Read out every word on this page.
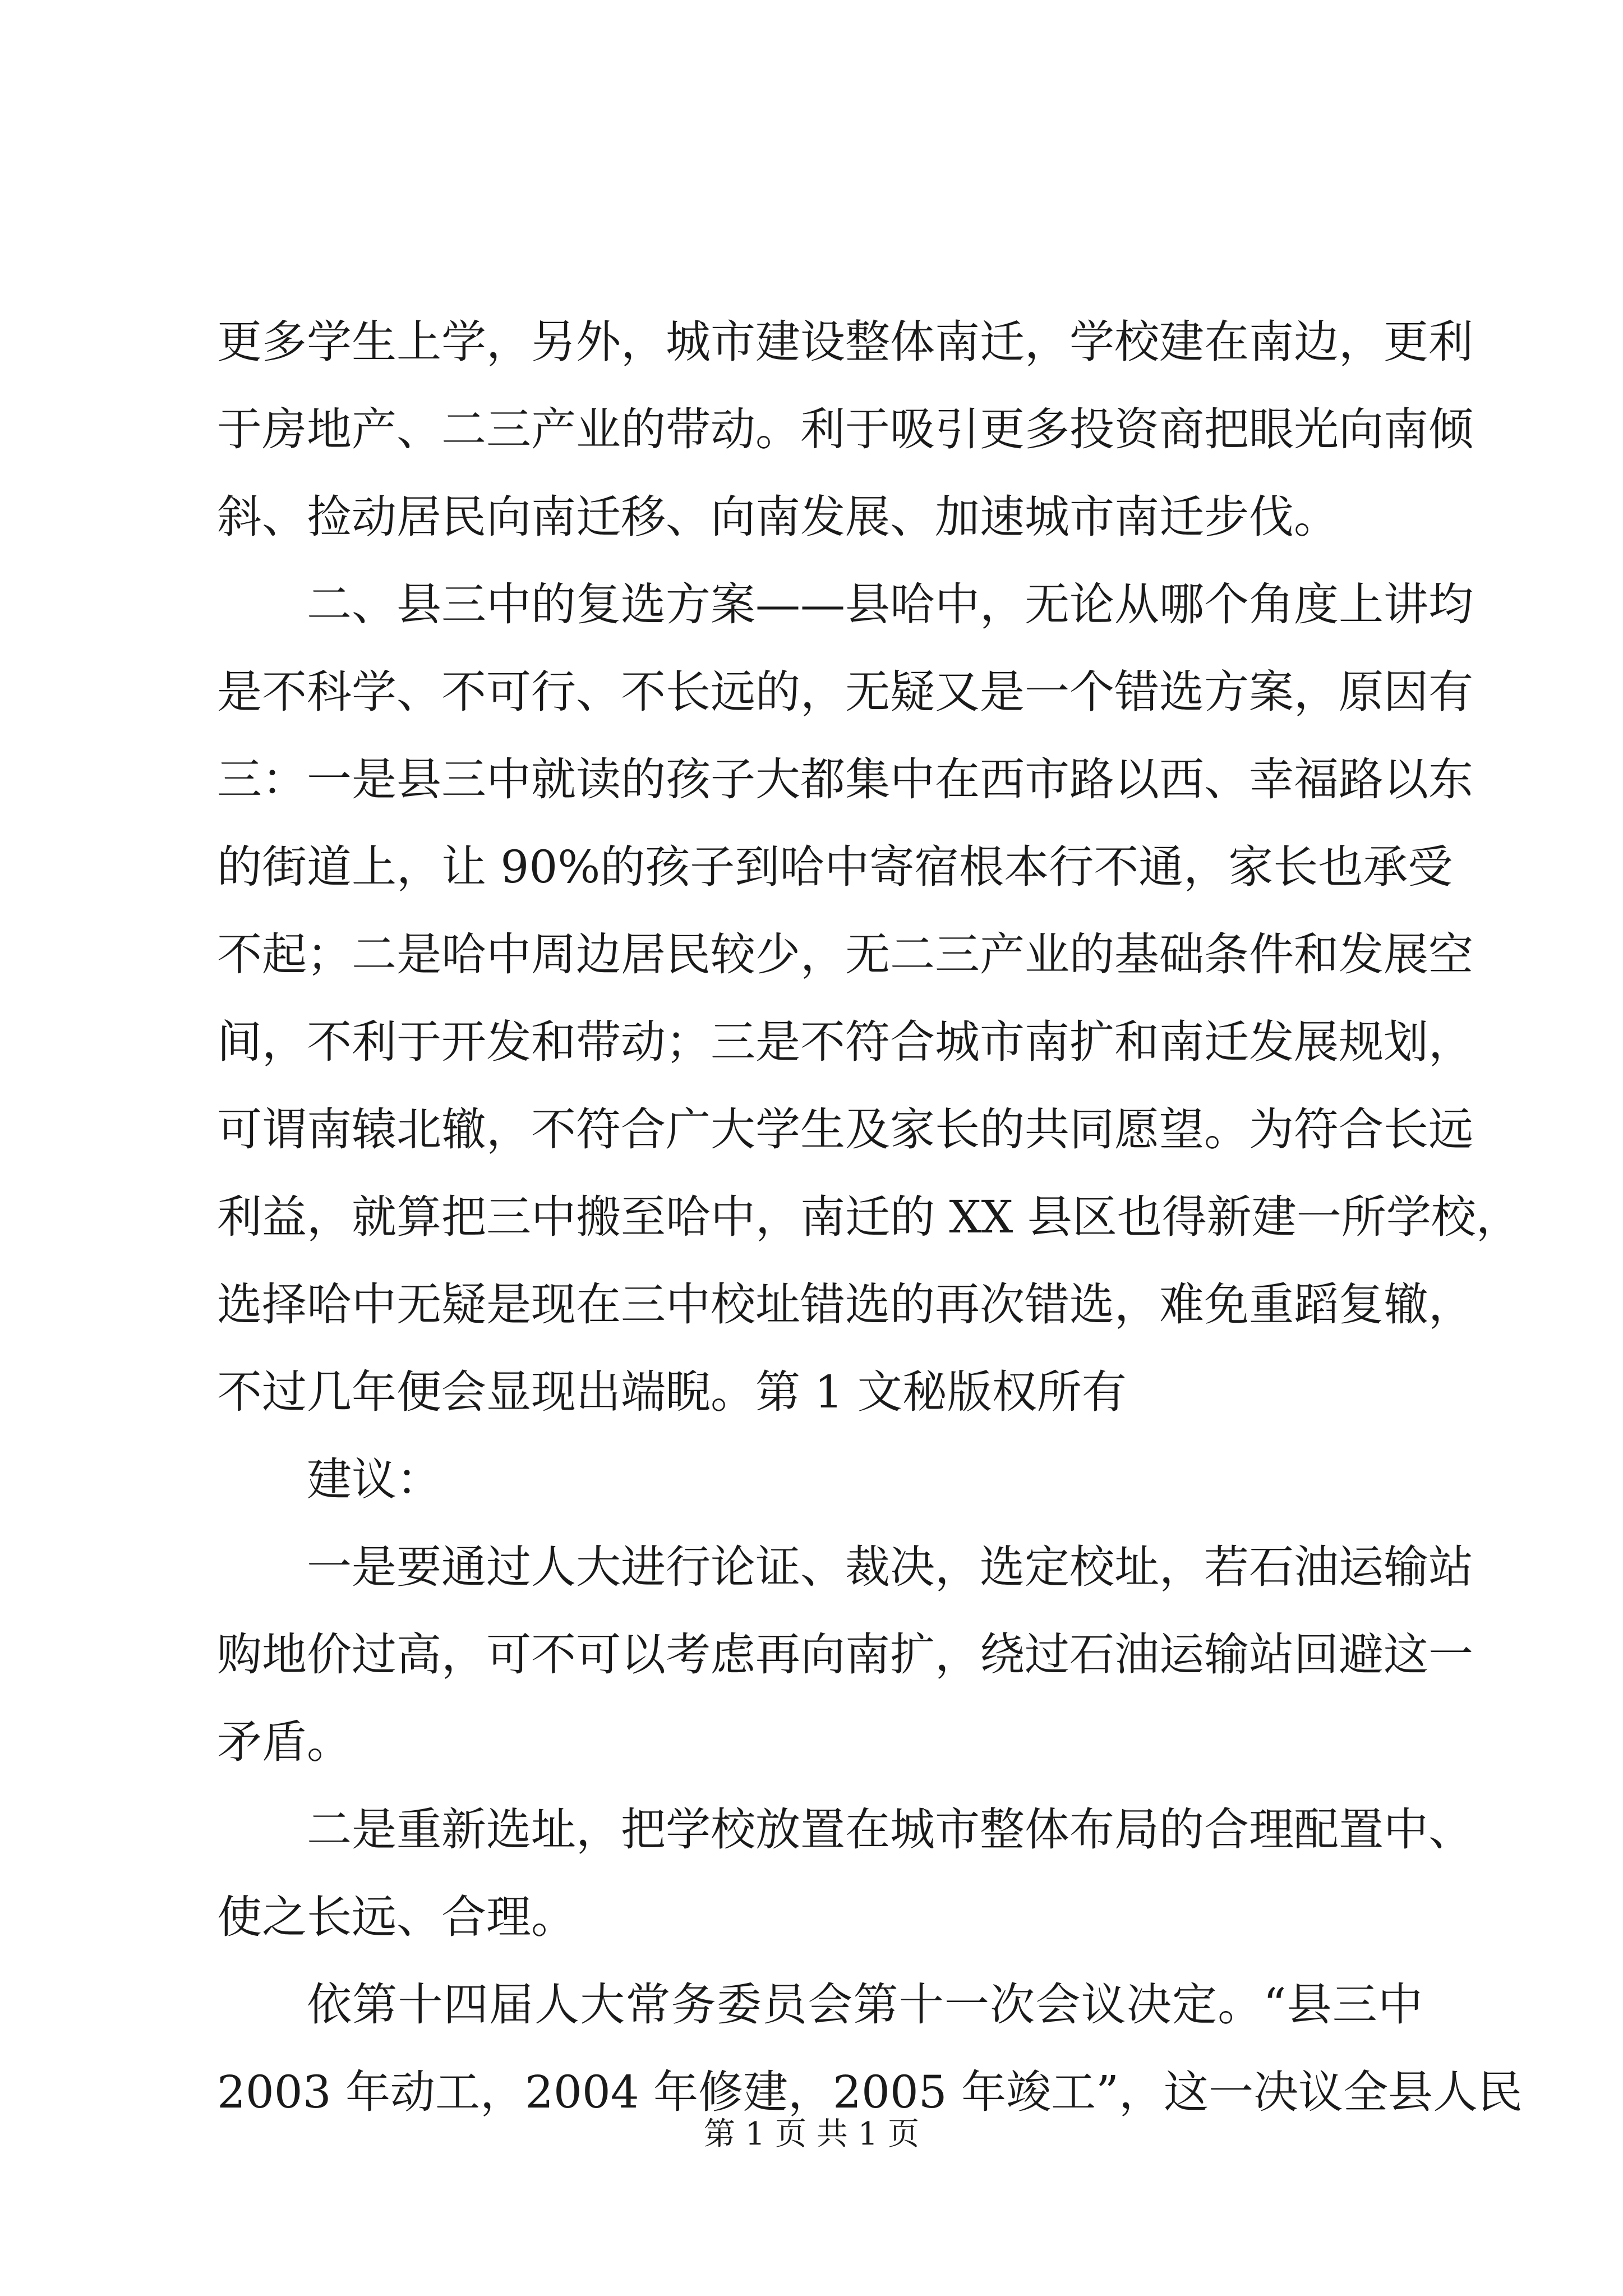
更多学生上学，另外，城市建设整体南迁，学校建在南边，更利
于房地产、二三产业的带动。利于吸引更多投资商把眼光向南倾
斜、捡动居民向南迁移、向南发展、加速城市南迁步伐。
二、县三中的复选方案——县哈中，无论从哪个角度上讲均
是不科学、不可行、不长远的，无疑又是一个错选方案，原因有
三：一是县三中就读的孩子大都集中在西市路以西、幸福路以东
的街道上，让 90%的孩子到哈中寄宿根本行不通，家长也承受
不起；二是哈中周边居民较少，无二三产业的基础条件和发展空
间，不利于开发和带动；三是不符合城市南扩和南迁发展规划，
可谓南辕北辙，不符合广大学生及家长的共同愿望。为符合长远
利益，就算把三中搬至哈中，南迁的 XX 县区也得新建一所学校，
选择哈中无疑是现在三中校址错选的再次错选，难免重蹈复辙，
不过几年便会显现出端睨。第 1 文秘版权所有
建议：
一是要通过人大进行论证、裁决，选定校址，若石油运输站
购地价过高，可不可以考虑再向南扩，绕过石油运输站回避这一
矛盾。
二是重新选址，把学校放置在城市整体布局的合理配置中、
使之长远、合理。
依第十四届人大常务委员会第十一次会议决定。“县三中
2003 年动工，2004 年修建，2005 年竣工”，这一决议全县人民
第 1 页 共 1 页
